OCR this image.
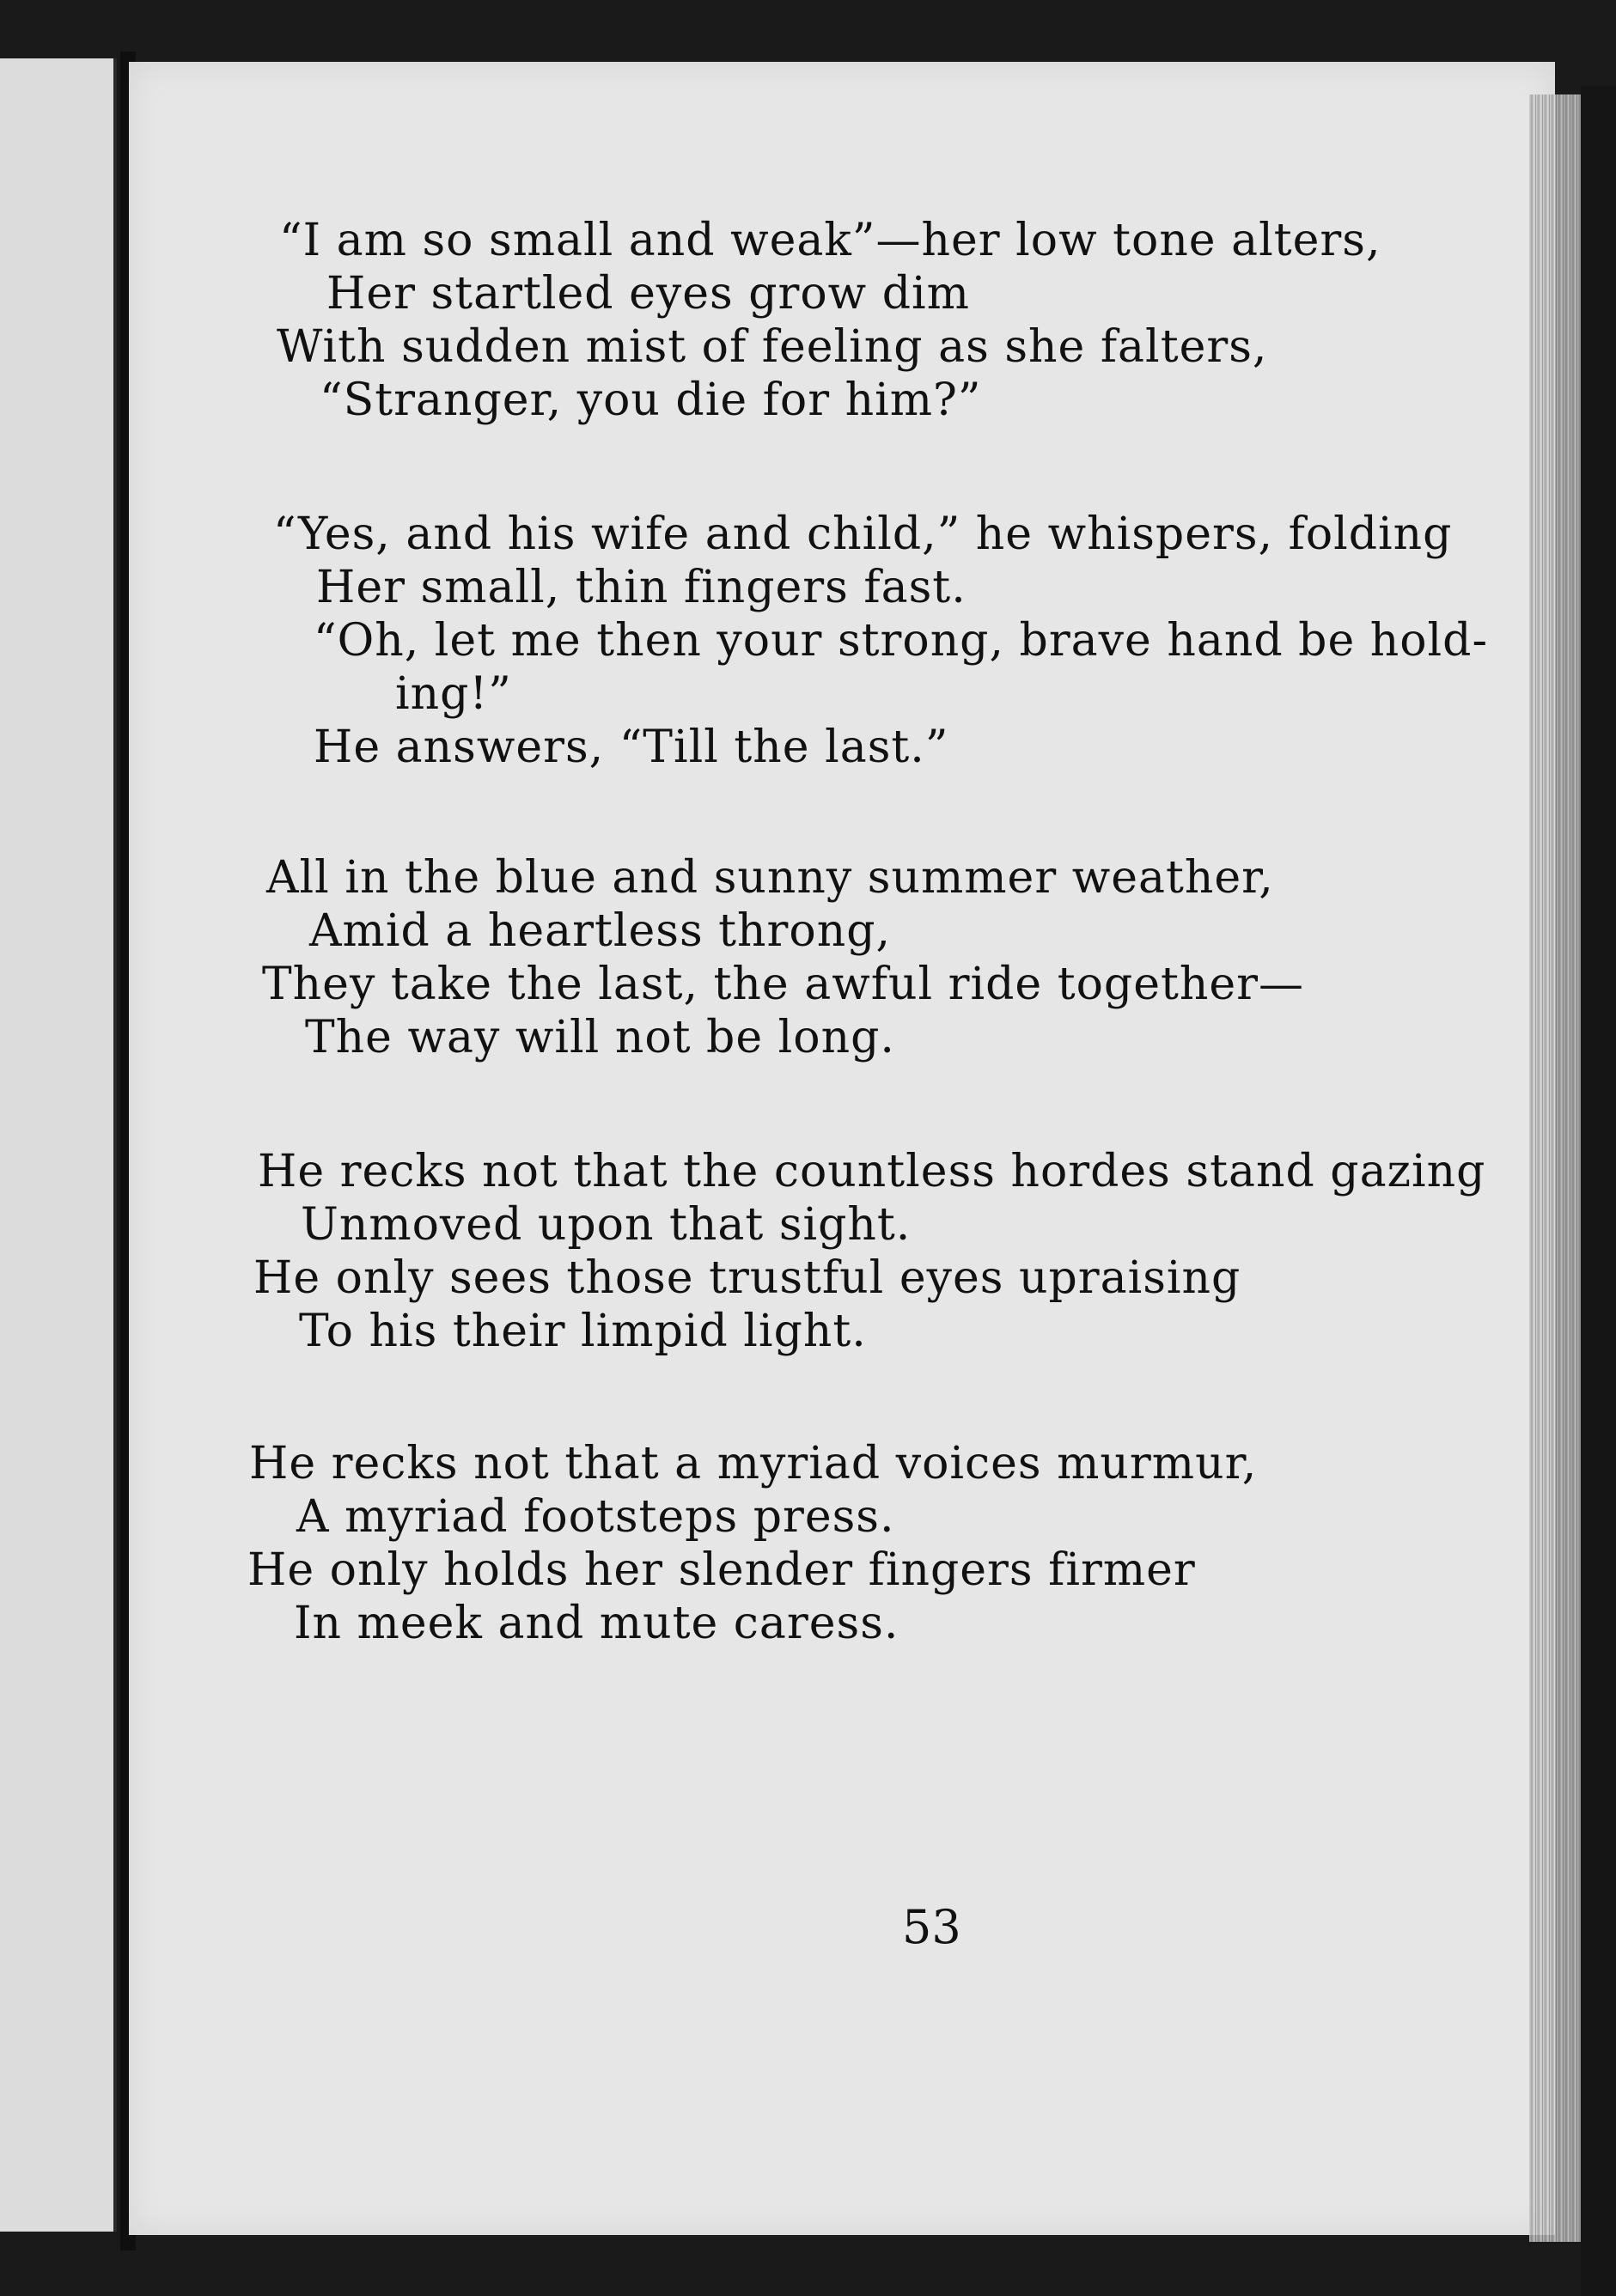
“I am so small and weak”—her low tone alters,
Her startled eyes grow dim
With sudden mist of feeling as she falters,
“Stranger, you die for him?”
“Yes, and his wife and child,” he whispers, folding
Her small, thin fingers fast.
“Oh, let me then your strong, brave hand be hold-
ing!”
He answers, “Till the last.”
All in the blue and sunny summer weather,
Amid a heartless throng,
They take the last, the awful ride together—
The way will not be long.
He recks not that the countless hordes stand gazing
Unmoved upon that sight.
He only sees those trustful eyes upraising
To his their limpid light.
He recks not that a myriad voices murmur,
A myriad footsteps press.
He only holds her slender fingers firmer
In meek and mute caress.
53
